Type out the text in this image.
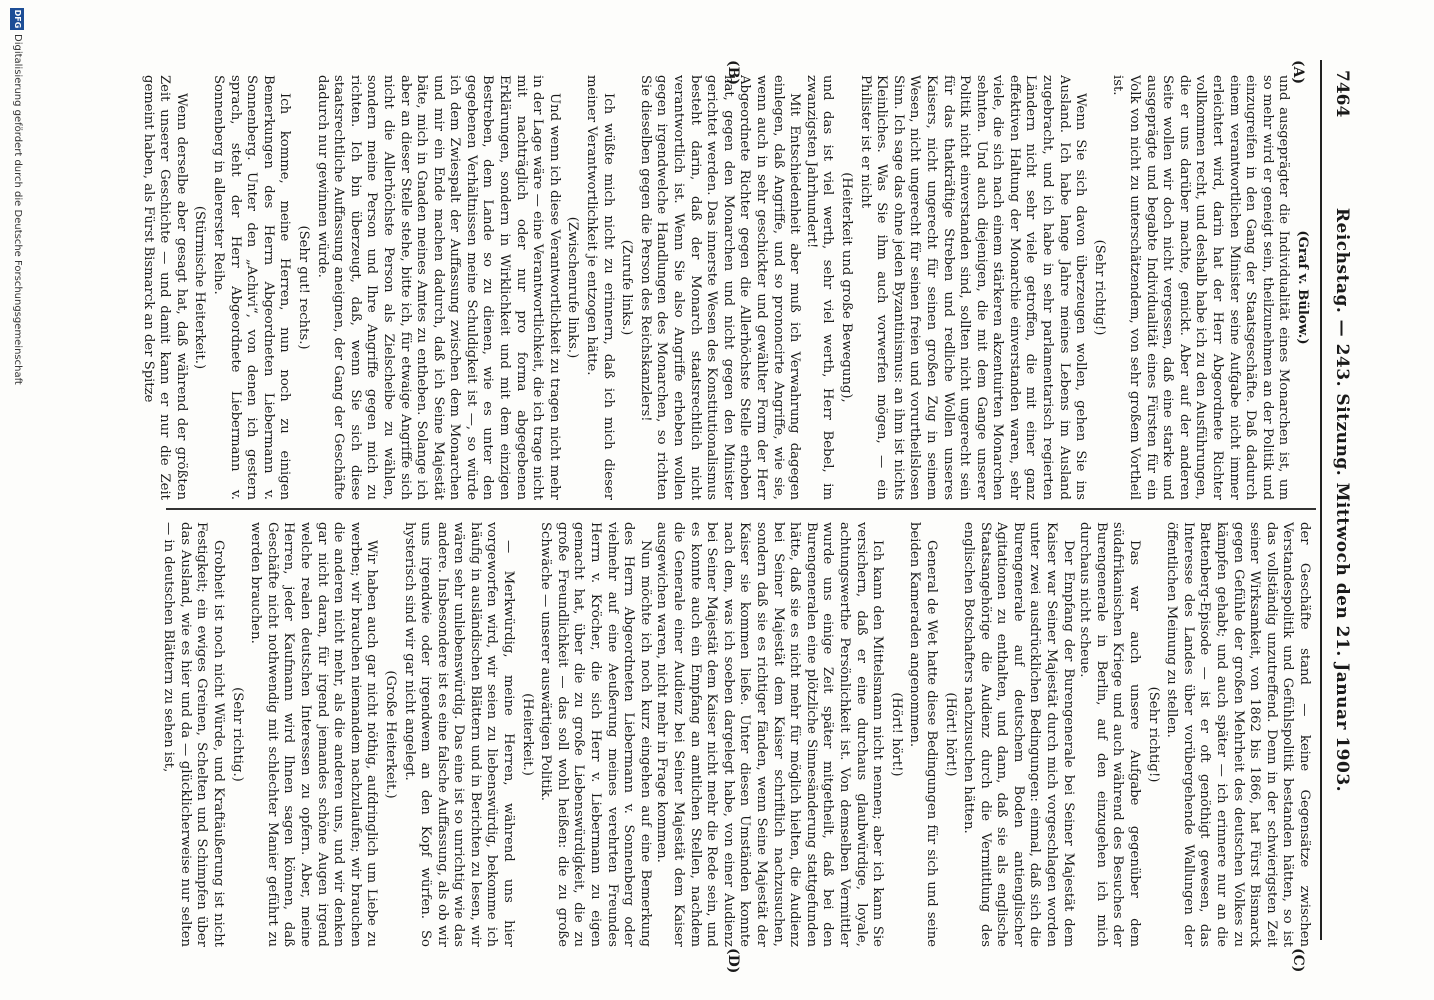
7464
Reichstag. — 243. Sitzung. Mittwoch den 21. Januar 1903.
(A)
(B)
(C)
(D)
(Graf v. Bülow.)

und ausgeprägter die Individualität eines Monarchen ist, um so mehr wird er geneigt sein, theilzunehmen an der Politik und einzugreifen in den Gang der Staatsgeschäfte. Daß dadurch einem verantwortlichen Minister seine Aufgabe nicht immer erleichtert wird, darin hat der Herr Abgeordnete Richter vollkommen recht, und deshalb habe ich zu den Ausführungen, die er uns darüber machte, genickt. Aber auf der anderen Seite wollen wir doch nicht vergessen, daß eine starke und ausgeprägte und begabte Individualität eines Fürsten für ein Volk von nicht zu unterschätzendem, von sehr großem Vortheil ist.

(Sehr richtig!)

Wenn Sie sich davon überzeugen wollen, gehen Sie ins Ausland. Ich habe lange Jahre meines Lebens im Ausland zugebracht, und ich habe in sehr parlamentarisch regierten Ländern nicht sehr viele getroffen, die mit einer ganz effektiven Haltung der Monarchie einverstanden waren, sehr viele, die sich nach einem stärkeren akzentuirten Monarchen sehnten. Und auch diejenigen, die mit dem Gange unserer Politik nicht einverstanden sind, sollten nicht ungerecht sein für das thatkräftige Streben und redliche Wollen unseres Kaisers, nicht ungerecht für seinen großen Zug in seinem Wesen, nicht ungerecht für seinen freien und vorurtheilslosen Sinn. Ich sage das ohne jeden Byzantinismus: an ihm ist nichts Kleinliches. Was Sie ihm auch vorwerfen mögen, — ein Philister ist er nicht

(Heiterkeit und große Bewegung),

und das ist viel werth, sehr viel werth, Herr Bebel, im zwanzigsten Jahrhundert!

Mit Entschiedenheit aber muß ich Verwahrung dagegen einlegen, daß Angriffe, und so prononcirte Angriffe, wie sie, wenn auch in sehr geschickter und gewählter Form der Herr Abgeordnete Richter gegen die Allerhöchste Stelle erhoben hat, gegen den Monarchen und nicht gegen den Minister gerichtet werden. Das innerste Wesen des Konstitutionalismus besteht darin, daß der Monarch staatsrechtlich nicht verantwortlich ist. Wenn Sie also Angriffe erheben wollen gegen irgendwelche Handlungen des Monarchen, so richten Sie dieselben gegen die Person des Reichskanzlers!

(Zurufe links.)

Ich wüßte mich nicht zu erinnern, daß ich mich dieser meiner Verantwortlichkeit je entzogen hätte.

(Zwischenrufe links.)

Und wenn ich diese Verantwortlichkeit zu tragen nicht mehr in der Lage wäre — eine Verantwortlichkeit, die ich trage nicht mit nachträglich oder nur pro forma abgegebenen Erklärungen, sondern in Wirklichkeit und mit dem einzigen Bestreben, dem Lande so zu dienen, wie es unter den gegebenen Verhältnissen meine Schuldigkeit ist —, so würde ich dem Zwiespalt der Auffassung zwischen dem Monarchen und mir ein Ende machen dadurch, daß ich Seine Majestät bäte, mich in Gnaden meines Amtes zu entheben. Solange ich aber an dieser Stelle stehe, bitte ich, für etwaige Angriffe sich nicht die Allerhöchste Person als Zielscheibe zu wählen, sondern meine Person und Ihre Angriffe gegen mich zu richten. Ich bin überzeugt, daß, wenn Sie sich diese staatsrechtliche Auffassung aneignen, der Gang der Geschäfte dadurch nur gewinnen würde.

(Sehr gut! rechts.)

Ich komme, meine Herren, nun noch zu einigen Bemerkungen des Herrn Abgeordneten Liebermann v. Sonnenberg. Unter den „Achivi“, von denen ich gestern sprach, steht der Herr Abgeordnete Liebermann v. Sonnenberg in allererster Reihe.

(Stürmische Heiterkeit.)

Wenn derselbe aber gesagt hat, daß während der größten Zeit unserer Geschichte — und damit kann er nur die Zeit gemeint haben, als Fürst Bismarck an der Spitze

der Geschäfte stand — keine Gegensätze zwischen Verstandespolitik und Gefühlspolitik bestanden hätten, so ist das vollständig unzutreffend. Denn in der schwierigsten Zeit seiner Wirksamkeit, von 1862 bis 1866, hat Fürst Bismarck gegen Gefühle der großen Mehrheit des deutschen Volkes zu kämpfen gehabt; und auch später — ich erinnere nur an die Battenberg-Episode — ist er oft genöthigt gewesen, das Interesse des Landes über vorübergehende Wallungen der öffentlichen Meinung zu stellen.

(Sehr richtig!)

Das war auch unsere Aufgabe gegenüber dem südafrikanischen Kriege und auch während des Besuches der Burengenerale in Berlin, auf den einzugehen ich mich durchaus nicht scheue.

Der Empfang der Burengenerale bei Seiner Majestät dem Kaiser war Seiner Majestät durch mich vorgeschlagen worden unter zwei ausdrücklichen Bedingungen: einmal, daß sich die Burengenerale auf deutschem Boden antienglischer Agitationen zu enthalten, und dann, daß sie als englische Staatsangehörige die Audienz durch die Vermittlung des englischen Botschafters nachzusuchen hätten.

(Hört! hört!)

General de Wet hatte diese Bedingungen für sich und seine beiden Kameraden angenommen.

(Hört! hört!)

Ich kann den Mittelsmann nicht nennen; aber ich kann Sie versichern, daß er eine durchaus glaubwürdige, loyale, achtungswerthe Persönlichkeit ist. Von demselben Vermittler wurde uns einige Zeit später mitgetheilt, daß bei den Burengeneralen eine plötzliche Sinnesänderung stattgefunden hätte, daß sie es nicht mehr für möglich hielten, die Audienz bei Seiner Majestät dem Kaiser schriftlich nachzusuchen, sondern daß sie es richtiger fänden, wenn Seine Majestät der Kaiser sie kommen ließe. Unter diesen Umständen konnte nach dem, was ich soeben dargelegt habe, von einer Audienz bei Seiner Majestät dem Kaiser nicht mehr die Rede sein, und es konnte auch ein Empfang an amtlichen Stellen, nachdem die Generale einer Audienz bei Seiner Majestät dem Kaiser ausgewichen waren, nicht mehr in Frage kommen.

Nun möchte ich noch kurz eingehen auf eine Bemerkung des Herrn Abgeordneten Liebermann v. Sonnenberg oder vielmehr auf eine Aeußerung meines verehrten Freundes Herrn v. Kröcher, die sich Herr v. Liebermann zu eigen gemacht hat, über die zu große Liebenswürdigkeit, die zu große Freundlichkeit — das soll wohl heißen: die zu große Schwäche — unserer auswärtigen Politik.

(Heiterkeit.)

— Merkwürdig, meine Herren, während uns hier vorgeworfen wird, wir seien zu liebenswürdig, bekomme ich häufig in ausländischen Blättern und in Berichten zu lesen, wir wären sehr unliebenswürdig. Das eine ist so unrichtig wie das andere. Insbesondere ist es eine falsche Auffassung, als ob wir uns irgendwie oder irgendwem an den Kopf würfen. So hysterisch sind wir gar nicht angelegt.

(Große Heiterkeit.)

Wir haben auch gar nicht nöthig, aufdringlich um Liebe zu werben; wir brauchen niemandem nachzulaufen; wir brauchen die anderen nicht mehr, als die anderen uns, und wir denken gar nicht daran, für irgend jemandes schöne Augen irgend welche realen deutschen Interessen zu opfern. Aber, meine Herren, jeder Kaufmann wird Ihnen sagen können, daß Geschäfte nicht nothwendig mit schlechter Manier geführt zu werden brauchen.

(Sehr richtig.)

Grobheit ist noch nicht Würde, und Kraftäußerung ist nicht Festigkeit; ein ewiges Greinen, Schelten und Schimpfen über das Ausland, wie es hier und da — glücklicherweise nur selten — in deutschen Blättern zu sehen ist,

DFG
Digitalisierung gefördert durch die Deutsche Forschungsgemeinschaft
